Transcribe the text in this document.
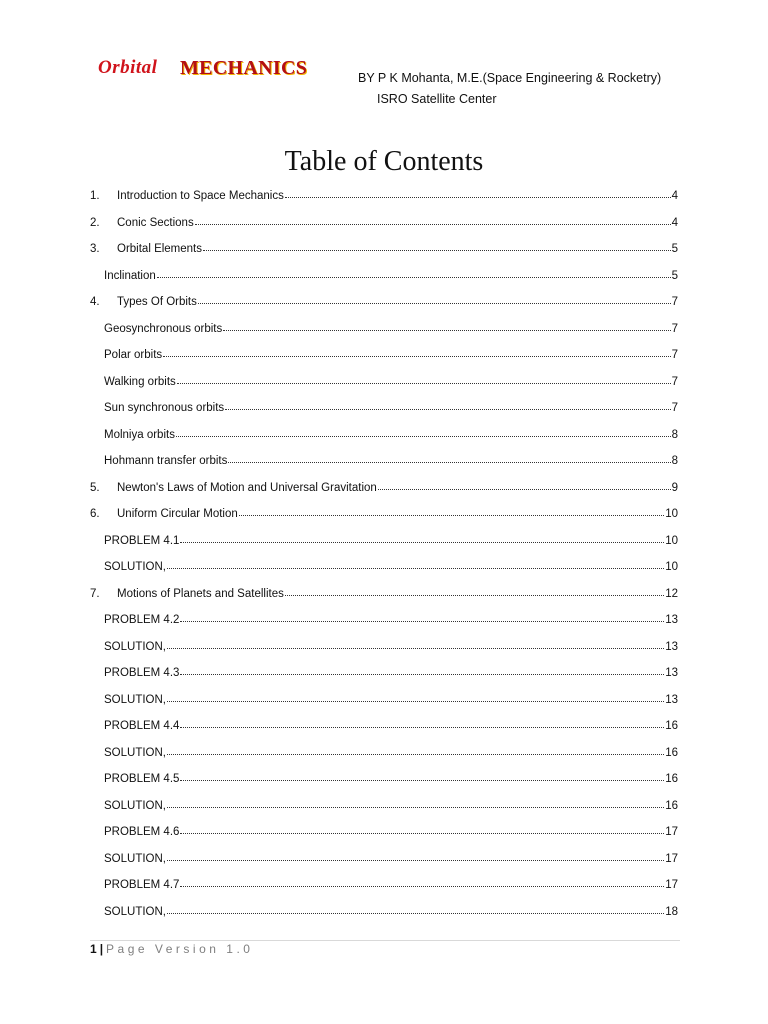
Orbital MECHANICS	BY P K Mohanta, M.E.(Space Engineering & Rocketry)
ISRO Satellite Center
Table of Contents
1.	Introduction to Space Mechanics	4
2.	Conic Sections	4
3.	Orbital Elements	5
Inclination	5
4.	Types Of Orbits	7
Geosynchronous orbits	7
Polar orbits	7
Walking orbits	7
Sun synchronous orbits	7
Molniya orbits	8
Hohmann transfer orbits	8
5.	Newton's Laws of Motion and Universal Gravitation	9
6.	Uniform Circular Motion	10
PROBLEM 4.1	10
SOLUTION,	10
7.	Motions of Planets and Satellites	12
PROBLEM 4.2	13
SOLUTION,	13
PROBLEM 4.3	13
SOLUTION,	13
PROBLEM 4.4	16
SOLUTION,	16
PROBLEM 4.5	16
SOLUTION,	16
PROBLEM 4.6	17
SOLUTION,	17
PROBLEM 4.7	17
SOLUTION,	18
1 | Page Version 1.0
